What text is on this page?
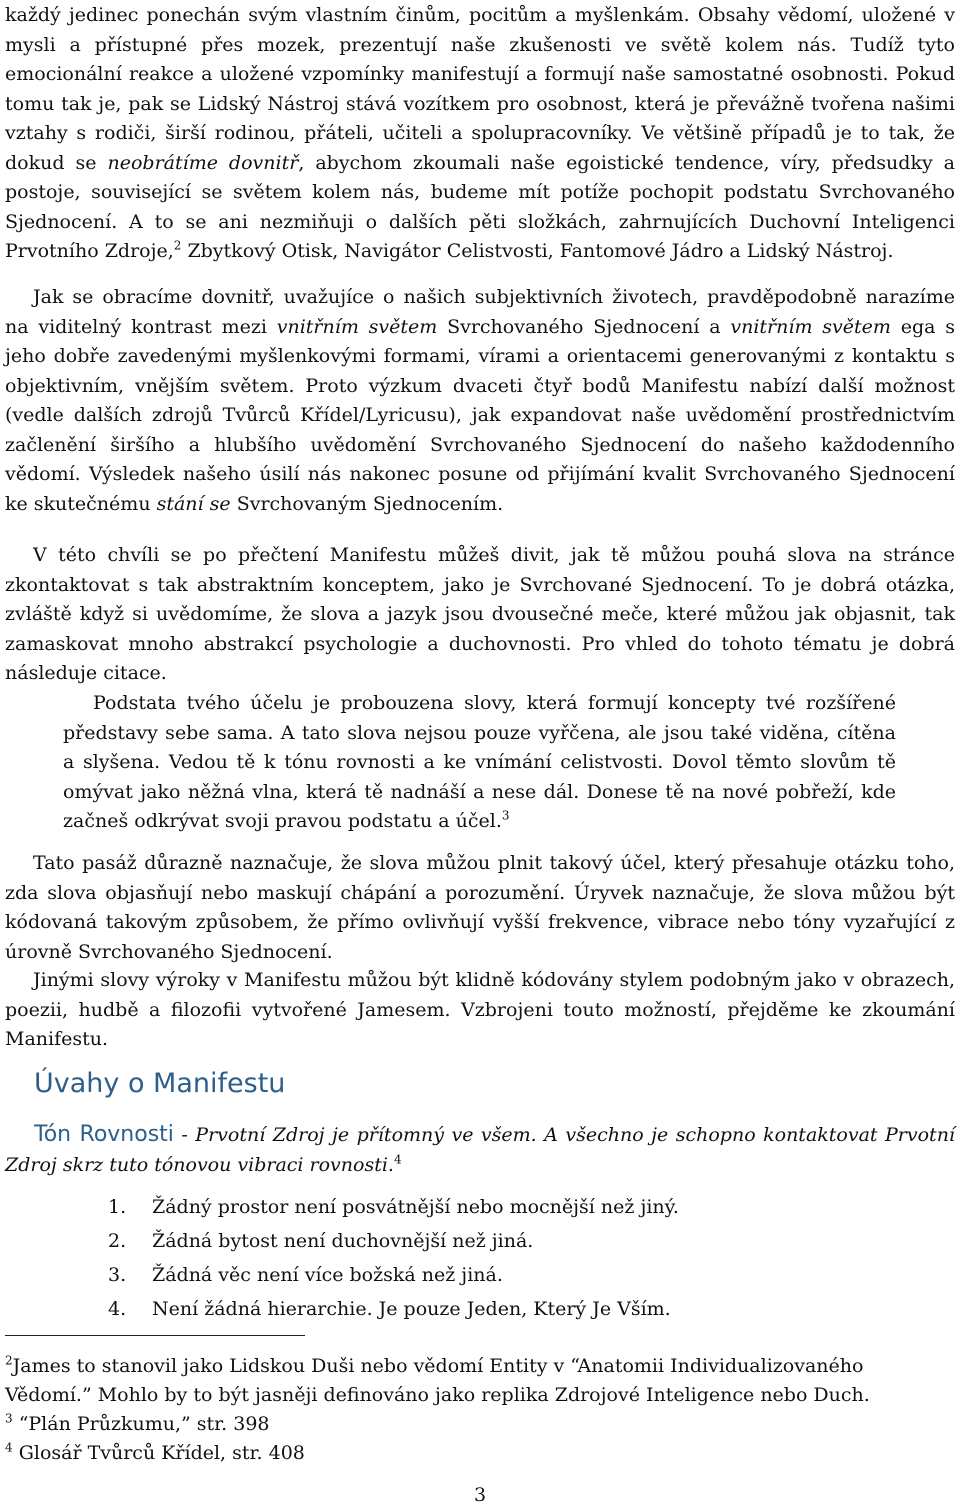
každý jedinec ponechán svým vlastním činům, pocitům a myšlenkám. Obsahy vědomí, uložené v mysli a přístupné přes mozek, prezentují naše zkušenosti ve světě kolem nás. Tudíž tyto emocionální reakce a uložené vzpomínky manifestují a formují naše samostatné osobnosti. Pokud tomu tak je, pak se Lidský Nástroj stává vozítkem pro osobnost, která je převážně tvořena našimi vztahy s rodiči, širší rodinou, přáteli, učiteli a spolupracovníky. Ve většině případů je to tak, že dokud se neobrátíme dovnitř, abychom zkoumali naše egoistické tendence, víry, předsudky a postoje, související se světem kolem nás, budeme mít potíže pochopit podstatu Svrchovaného Sjednocení. A to se ani nezmiňuji o dalších pěti složkách, zahrnujících Duchovní Inteligenci Prvotního Zdroje,$^2$ Zbytkový Otisk, Navigátor Celistvosti, Fantomové Jádro a Lidský Nástroj.

Jak se obracíme dovnitř, uvažujíce o našich subjektivních životech, pravděpodobně narazíme na viditelný kontrast mezi vnitřním světem Svrchovaného Sjednocení a vnitřním světem ega s jeho dobře zavedenými myšlenkovými formami, vírami a orientacemi generovanými z kontaktu s objektivním, vnějším světem. Proto výzkum dvaceti čtyř bodů Manifestu nabízí další možnost (vedle dalších zdrojů Tvůrců Křídel/Lyricusu), jak expandovat naše uvědomění prostřednictvím začlenění širšího a hlubšího uvědomění Svrchovaného Sjednocení do našeho každodenního vědomí. Výsledek našeho úsilí nás nakonec posune od přijímání kvalit Svrchovaného Sjednocení ke skutečnému stání se Svrchovaným Sjednocením.

V této chvíli se po přečtení Manifestu můžeš divit, jak tě můžou pouhá slova na stránce zkontaktovat s tak abstraktním konceptem, jako je Svrchované Sjednocení. To je dobrá otázka, zvláště když si uvědomíme, že slova a jazyk jsou dvousečné meče, které můžou jak objasnit, tak zamaskovat mnoho abstrakcí psychologie a duchovnosti. Pro vhled do tohoto tématu je dobrá následuje citace.

Podstata tvého účelu je probouzena slovy, která formují koncepty tvé rozšířené představy sebe sama. A tato slova nejsou pouze vyřčena, ale jsou také viděna, cítěna a slyšena. Vedou tě k tónu rovnosti a ke vnímání celistvosti. Dovol těmto slovům tě omývat jako něžná vlna, která tě nadnáší a nese dál. Donese tě na nové pobřeží, kde začneš odkrývat svoji pravou podstatu a účel.$^3$

Tato pasáž důrazně naznačuje, že slova můžou plnit takový účel, který přesahuje otázku toho, zda slova objasňují nebo maskují chápání a porozumění. Úryvek naznačuje, že slova můžou být kódovaná takovým způsobem, že přímo ovlivňují vyšší frekvence, vibrace nebo tóny vyzařující z úrovně Svrchovaného Sjednocení.

Jinými slovy výroky v Manifestu můžou být klidně kódovány stylem podobným jako v obrazech, poezii, hudbě a filozofii vytvořené Jamesem. Vzbrojeni touto možností, přejděme ke zkoumání Manifestu.

Úvahy o Manifestu

Tón Rovnosti - Prvotní Zdroj je přítomný ve všem. A všechno je schopno kontaktovat Prvotní Zdroj skrz tuto tónovou vibraci rovnosti.$^4$

1. Žádný prostor není posvátnější nebo mocnější než jiný.
2. Žádná bytost není duchovnější než jiná.
3. Žádná věc není více božská než jiná.
4. Není žádná hierarchie. Je pouze Jeden, Který Je Vším.

$^2$James to stanovil jako Lidskou Duši nebo vědomí Entity v “Anatomii Individualizovaného Vědomí.” Mohlo by to být jasněji definováno jako replika Zdrojové Inteligence nebo Duch.

$^3$ “Plán Průzkumu,” str. 398

$^4$ Glosář Tvůrců Křídel, str. 408

3
